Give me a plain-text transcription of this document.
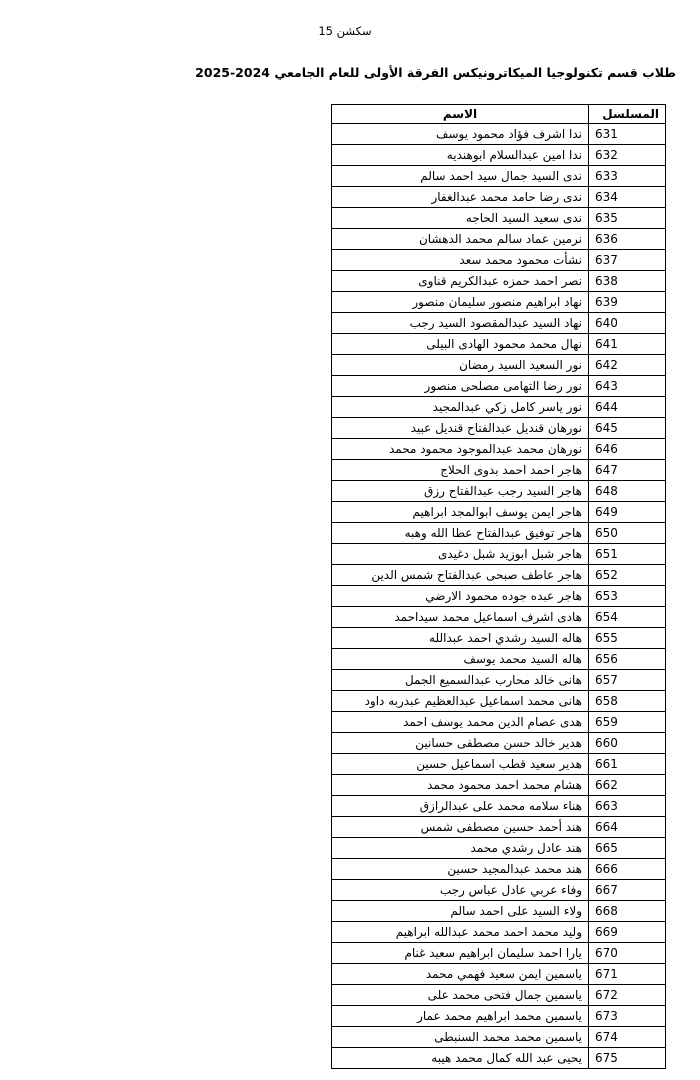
سكشن 15
طلاب قسم تكنولوجيا الميكاترونيكس الفرقة الأولى للعام الجامعي 2024-2025
المسلسل	الاسم
631	ندا اشرف فؤاد محمود يوسف
632	ندا امين عبدالسلام ابوهنديه
633	ندى السيد جمال سيد احمد سالم
634	ندى رضا حامد محمد عبدالغفار
635	ندى سعيد السيد الحاجه
636	نرمين عماد سالم محمد الدهشان
637	نشأت محمود محمد سعد
638	نصر احمد حمزه عبدالكريم قناوى
639	نهاد ابراهيم منصور سليمان منصور
640	نهاد السيد عبدالمقصود السيد رجب
641	نهال محمد محمود الهادى البيلى
642	نور السعيد السيد رمضان
643	نور رضا التهامى مصلحى منصور
644	نور ياسر كامل زكي عبدالمجيد
645	نورهان قنديل عبدالفتاح قنديل عبيد
646	نورهان محمد عبدالموجود محمود محمد
647	هاجر احمد احمد بدوى الحلاج
648	هاجر السيد رجب عبدالفتاح رزق
649	هاجر ايمن يوسف ابوالمجد ابراهيم
650	هاجر توفيق عبدالفتاح عطا الله وهبه
651	هاجر شبل ابوزيد شبل دغيدى
652	هاجر عاطف صبحى عبدالفتاح شمس الدين
653	هاجر عبده جوده محمود الارضي
654	هادى اشرف اسماعيل محمد سيداحمد
655	هاله السيد رشدي احمد عبدالله
656	هاله السيد محمد يوسف
657	هانى خالد محارب عبدالسميع الجمل
658	هانى محمد اسماعيل عبدالعظيم عبدربه داود
659	هدى عصام الدين محمد يوسف احمد
660	هدير خالد حسن مصطفى حسانين
661	هدير سعيد قطب اسماعيل حسين
662	هشام محمد احمد محمود محمد
663	هناء سلامه محمد على عبدالرازق
664	هند أحمد حسين مصطفى شمس
665	هند عادل رشدي محمد
666	هند محمد عبدالمجيد حسين
667	وفاء عربي عادل عباس رجب
668	ولاء السيد على احمد سالم
669	وليد محمد احمد محمد عبدالله ابراهيم
670	يارا احمد سليمان ابراهيم سعيد غنام
671	ياسمين ايمن سعيد فهمي محمد
672	ياسمين جمال فتحى محمد على
673	ياسمين محمد ابراهيم محمد عمار
674	ياسمين محمد محمد السنبطى
675	يحيى عبد الله كمال محمد هيبه
